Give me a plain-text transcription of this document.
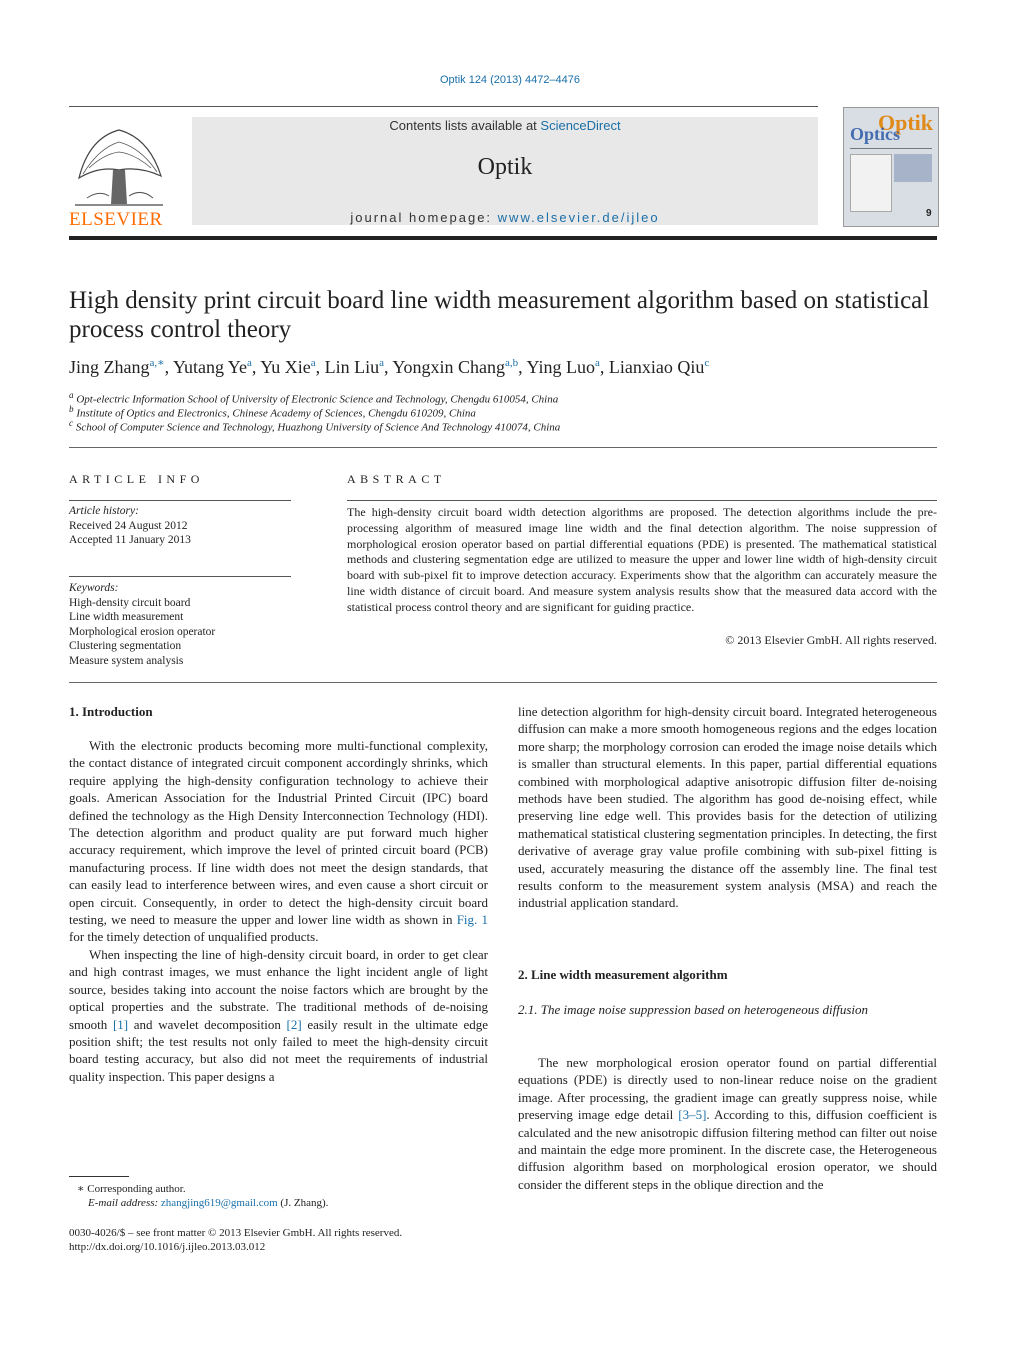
Optik 124 (2013) 4472–4476
ELSEVIER
Contents lists available at ScienceDirect
Optik
journal homepage: www.elsevier.de/ijleo
Optik
Optics
9
High density print circuit board line width measurement algorithm based on statistical process control theory
Jing Zhang$^{a,∗}$, Yutang Ye$^a$, Yu Xie$^a$, Lin Liu$^a$, Yongxin Chang$^{a,b}$, Ying Luo$^a$, Lianxiao Qiu$^c$
$^a$ Opt-electric Information School of University of Electronic Science and Technology, Chengdu 610054, China
$^b$ Institute of Optics and Electronics, Chinese Academy of Sciences, Chengdu 610209, China
$^c$ School of Computer Science and Technology, Huazhong University of Science And Technology 410074, China
ARTICLE INFO
Article history:
Received 24 August 2012
Accepted 11 January 2013
Keywords:
High-density circuit board
Line width measurement
Morphological erosion operator
Clustering segmentation
Measure system analysis
ABSTRACT
The high-density circuit board width detection algorithms are proposed. The detection algorithms include the pre-processing algorithm of measured image line width and the final detection algorithm. The noise suppression of morphological erosion operator based on partial differential equations (PDE) is presented. The mathematical statistical methods and clustering segmentation edge are utilized to measure the upper and lower line width of high-density circuit board with sub-pixel fit to improve detection accuracy. Experiments show that the algorithm can accurately measure the line width distance of circuit board. And measure system analysis results show that the measured data accord with the statistical process control theory and are significant for guiding practice.
© 2013 Elsevier GmbH. All rights reserved.
1. Introduction

With the electronic products becoming more multi-functional complexity, the contact distance of integrated circuit component accordingly shrinks, which require applying the high-density configuration technology to achieve their goals. American Association for the Industrial Printed Circuit (IPC) board defined the technology as the High Density Interconnection Technology (HDI). The detection algorithm and product quality are put forward much higher accuracy requirement, which improve the level of printed circuit board (PCB) manufacturing process. If line width does not meet the design standards, that can easily lead to interference between wires, and even cause a short circuit or open circuit. Consequently, in order to detect the high-density circuit board testing, we need to measure the upper and lower line width as shown in Fig. 1 for the timely detection of unqualified products.

When inspecting the line of high-density circuit board, in order to get clear and high contrast images, we must enhance the light incident angle of light source, besides taking into account the noise factors which are brought by the optical properties and the substrate. The traditional methods of de-noising smooth [1] and wavelet decomposition [2] easily result in the ultimate edge position shift; the test results not only failed to meet the high-density circuit board testing accuracy, but also did not meet the requirements of industrial quality inspection. This paper designs a

∗ Corresponding author.
E-mail address: zhangjing619@gmail.com (J. Zhang).
0030-4026/$ – see front matter © 2013 Elsevier GmbH. All rights reserved.
http://dx.doi.org/10.1016/j.ijleo.2013.03.012

line detection algorithm for high-density circuit board. Integrated heterogeneous diffusion can make a more smooth homogeneous regions and the edges location more sharp; the morphology corrosion can eroded the image noise details which is smaller than structural elements. In this paper, partial differential equations combined with morphological adaptive anisotropic diffusion filter de-noising methods have been studied. The algorithm has good de-noising effect, while preserving line edge well. This provides basis for the detection of utilizing mathematical statistical clustering segmentation principles. In detecting, the first derivative of average gray value profile combining with sub-pixel fitting is used, accurately measuring the distance off the assembly line. The final test results conform to the measurement system analysis (MSA) and reach the industrial application standard.

2. Line width measurement algorithm
2.1. The image noise suppression based on heterogeneous diffusion

The new morphological erosion operator found on partial differential equations (PDE) is directly used to non-linear reduce noise on the gradient image. After processing, the gradient image can greatly suppress noise, while preserving image edge detail [3–5]. According to this, diffusion coefficient is calculated and the new anisotropic diffusion filtering method can filter out noise and maintain the edge more prominent. In the discrete case, the Heterogeneous diffusion algorithm based on morphological erosion operator, we should consider the different steps in the oblique direction and the
